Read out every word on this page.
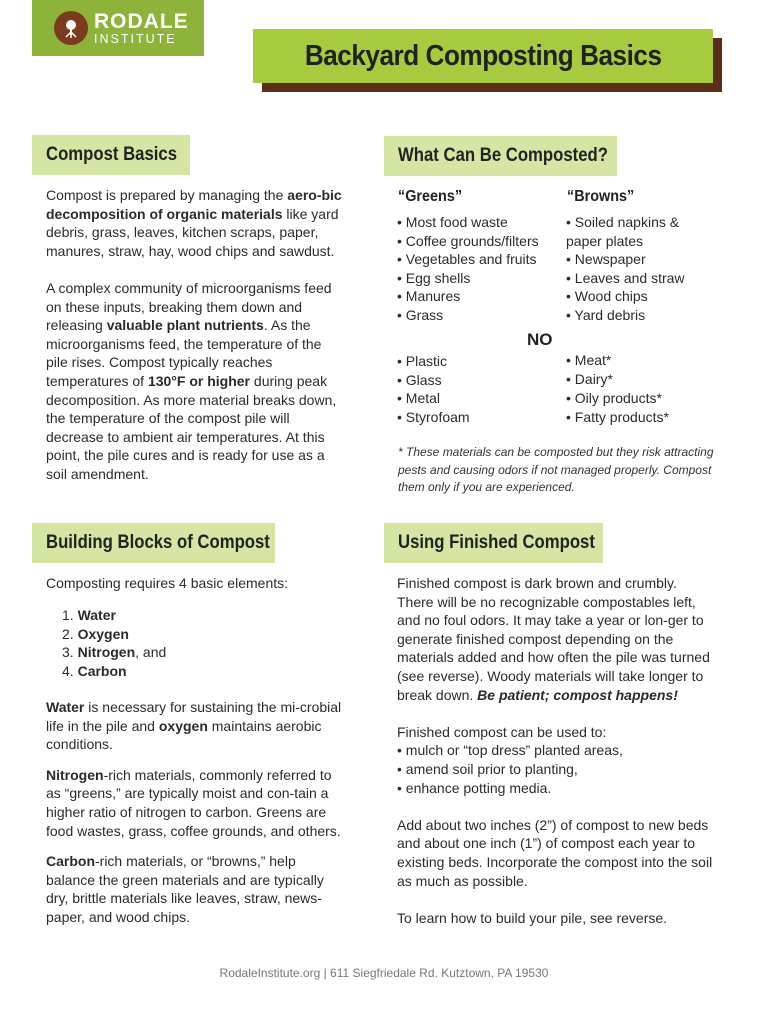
RODALE
INSTITUTE
Backyard Composting Basics
Compost Basics

Compost is prepared by managing the aero-bic decomposition of organic materials like yard debris, grass, leaves, kitchen scraps, paper, manures, straw, hay, wood chips and sawdust.

A complex community of microorganisms feed on these inputs, breaking them down and releasing valuable plant nutrients. As the microorganisms feed, the temperature of the pile rises. Compost typically reaches temperatures of 130°F or higher during peak decomposition. As more material breaks down, the temperature of the compost pile will decrease to ambient air temperatures. At this point, the pile cures and is ready for use as a soil amendment.

What Can Be Composted?
“Greens”	“Browns”
• Most food waste
• Coffee grounds/filters
• Vegetables and fruits
• Egg shells
• Manures
• Grass
• Soiled napkins &
paper plates
• Newspaper
• Leaves and straw
• Wood chips
• Yard debris
NO
• Plastic
• Glass
• Metal
• Styrofoam
• Meat*
• Dairy*
• Oily products*
• Fatty products*
* These materials can be composted but they risk attracting pests and causing odors if not managed properly. Compost them only if you are experienced.
Building Blocks of Compost
Composting requires 4 basic elements:
1. Water
2. Oxygen
3. Nitrogen, and
4. Carbon

Water is necessary for sustaining the mi-crobial life in the pile and oxygen maintains aerobic conditions.

Nitrogen-rich materials, commonly referred to as “greens,” are typically moist and con-tain a higher ratio of nitrogen to carbon. Greens are food wastes, grass, coffee grounds, and others.

Carbon-rich materials, or “browns,” help balance the green materials and are typically dry, brittle materials like leaves, straw, news-paper, and wood chips.

Using Finished Compost

Finished compost is dark brown and crumbly. There will be no recognizable compostables left, and no foul odors. It may take a year or lon-ger to generate finished compost depending on the materials added and how often the pile was turned (see reverse). Woody materials will take longer to break down. Be patient; compost happens!

Finished compost can be used to:

• mulch or “top dress” planted areas,
• amend soil prior to planting,
• enhance potting media.

Add about two inches (2”) of compost to new beds and about one inch (1”) of compost each year to existing beds. Incorporate the compost into the soil as much as possible.

To learn how to build your pile, see reverse.

RodaleInstitute.org | 611 Siegfriedale Rd. Kutztown, PA 19530
